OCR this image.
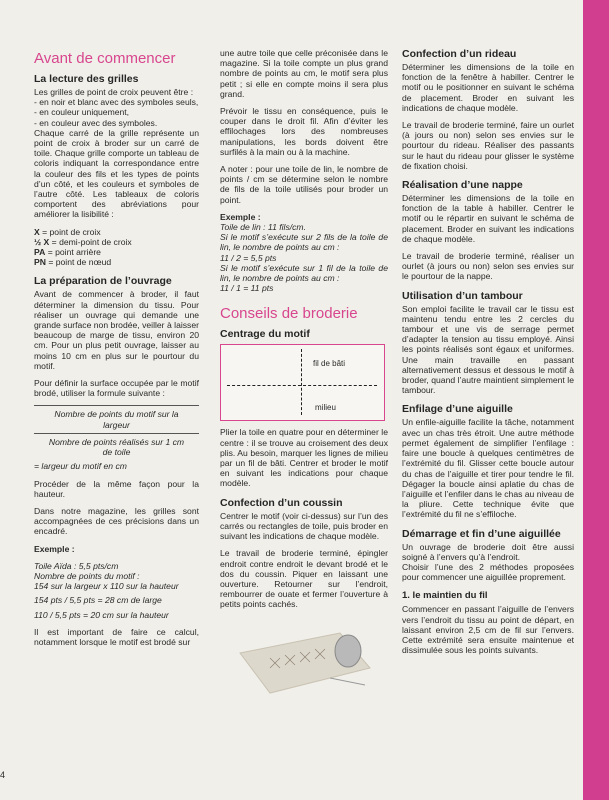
Avant de commencer
La lecture des grilles

Les grilles de point de croix peuvent être :

- en noir et blanc avec des symboles seuls,

- en couleur uniquement,

- en couleur avec des symboles.

Chaque carré de la grille représente un point de croix à broder sur un carré de toile. Chaque grille comporte un tableau de coloris indiquant la correspondance entre la couleur des fils et les types de points d’un côté, et les couleurs et symboles de l’autre côté. Les tableaux de coloris comportent des abréviations pour améliorer la lisibilité :

X = point de croix

½ X = demi-point de croix

PA = point arrière

PN = point de nœud

La préparation de l’ouvrage

Avant de commencer à broder, il faut déterminer la dimension du tissu. Pour réaliser un ouvrage qui demande une grande surface non brodée, veiller à laisser beaucoup de marge de tissu, environ 20 cm. Pour un plus petit ouvrage, laisser au moins 10 cm en plus sur le pourtour du motif.

Pour définir la surface occupée par le motif brodé, utiliser la formule suivante :

Nombre de points du motif sur la largeur

Nombre de points réalisés sur 1 cm de toile

= largeur du motif en cm

Procéder de la même façon pour la hauteur.

Dans notre magazine, les grilles sont accompagnées de ces précisions dans un encadré.

Exemple :

Toile Aïda : 5,5 pts/cm

Nombre de points du motif :

154 sur la largeur x 110 sur la hauteur

154 pts / 5,5 pts = 28 cm de large

110 / 5,5 pts = 20 cm sur la hauteur

Il est important de faire ce calcul, notamment lorsque le motif est brodé sur

une autre toile que celle préconisée dans le magazine. Si la toile compte un plus grand nombre de points au cm, le motif sera plus petit ; si elle en compte moins il sera plus grand.

Prévoir le tissu en conséquence, puis le couper dans le droit fil. Afin d’éviter les effilochages lors des nombreuses manipulations, les bords doivent être surfilés à la main ou à la machine.

A noter : pour une toile de lin, le nombre de points / cm se détermine selon le nombre de fils de la toile utilisés pour broder un point.

Exemple :

Toile de lin : 11 fils/cm.

Si le motif s’exécute sur 2 fils de la toile de lin, le nombre de points au cm :

11 / 2 = 5,5 pts

Si le motif s’exécute sur 1 fil de la toile de lin, le nombre de points au cm :

11 / 1 = 11 pts

Conseils de broderie
Centrage du motif
fil de bâti
milieu

Plier la toile en quatre pour en déterminer le centre : il se trouve au croisement des deux plis. Au besoin, marquer les lignes de milieu par un fil de bâti. Centrer et broder le motif en suivant les indications pour chaque modèle.

Confection d’un coussin

Centrer le motif (voir ci-dessus) sur l’un des carrés ou rectangles de toile, puis broder en suivant les indications de chaque modèle.

Le travail de broderie terminé, épingler endroit contre endroit le devant brodé et le dos du coussin. Piquer en laissant une ouverture. Retourner sur l’endroit, rembourrer de ouate et fermer l’ouverture à petits points cachés.

Confection d’un rideau

Déterminer les dimensions de la toile en fonction de la fenêtre à habiller. Centrer le motif ou le positionner en suivant le schéma de placement. Broder en suivant les indications de chaque modèle.

Le travail de broderie terminé, faire un ourlet (à jours ou non) selon ses envies sur le pourtour du rideau. Réaliser des passants sur le haut du rideau pour glisser le système de fixation choisi.

Réalisation d’une nappe

Déterminer les dimensions de la toile en fonction de la table à habiller. Centrer le motif ou le répartir en suivant le schéma de placement. Broder en suivant les indications de chaque modèle.

Le travail de broderie terminé, réaliser un ourlet (à jours ou non) selon ses envies sur le pourtour de la nappe.

Utilisation d’un tambour

Son emploi facilite le travail car le tissu est maintenu tendu entre les 2 cercles du tambour et une vis de serrage permet d’adapter la tension au tissu employé. Ainsi les points réalisés sont égaux et uniformes. Une main travaille en passant alternativement dessus et dessous le motif à broder, quand l’autre maintient simplement le tambour.

Enfilage d’une aiguille

Un enfile-aiguille facilite la tâche, notamment avec un chas très étroit. Une autre méthode permet également de simplifier l’enfilage : faire une boucle à quelques centimètres de l’extrémité du fil. Glisser cette boucle autour du chas de l’aiguille et tirer pour tendre le fil. Dégager la boucle ainsi aplatie du chas de l’aiguille et l’enfiler dans le chas au niveau de la pliure. Cette technique évite que l’extrémité du fil ne s’effiloche.

Démarrage et fin d’une aiguillée

Un ouvrage de broderie doit être aussi soigné à l’envers qu’à l’endroit.

Choisir l’une des 2 méthodes proposées pour commencer une aiguillée proprement.

1. le maintien du fil

Commencer en passant l’aiguille de l’envers vers l’endroit du tissu au point de départ, en laissant environ 2,5 cm de fil sur l’envers. Cette extrémité sera ensuite maintenue et dissimulée sous les points suivants.

4
PassionForum.ru
